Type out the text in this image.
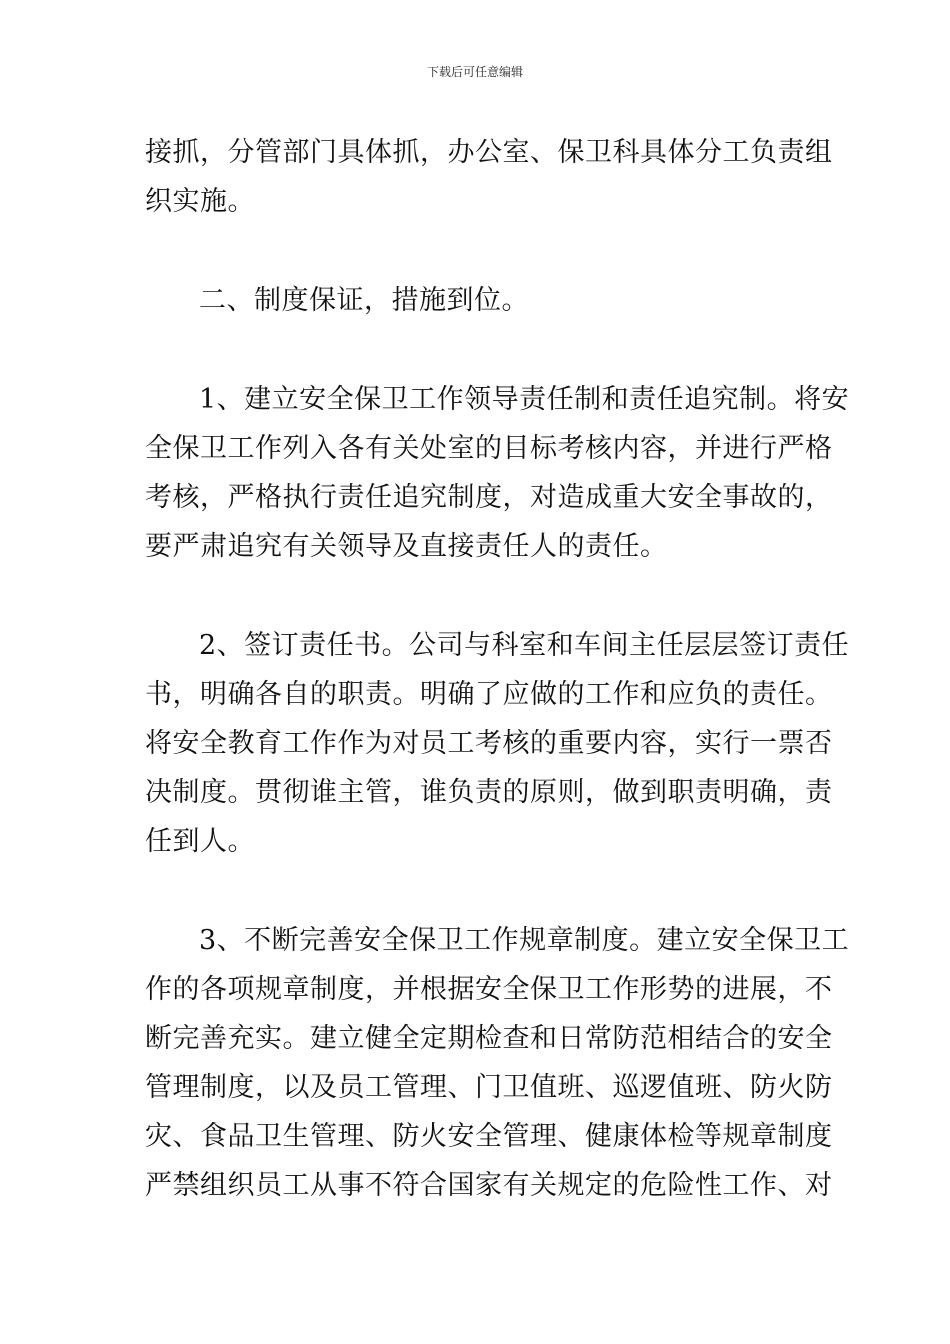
下载后可任意编辑
接抓，分管部门具体抓，办公室、保卫科具体分工负责组
织实施。
二、制度保证，措施到位。
1、建立安全保卫工作领导责任制和责任追究制。将安
全保卫工作列入各有关处室的目标考核内容，并进行严格
考核，严格执行责任追究制度，对造成重大安全事故的，
要严肃追究有关领导及直接责任人的责任。
2、签订责任书。公司与科室和车间主任层层签订责任
书，明确各自的职责。明确了应做的工作和应负的责任。
将安全教育工作作为对员工考核的重要内容，实行一票否
决制度。贯彻谁主管，谁负责的原则，做到职责明确，责
任到人。
3、不断完善安全保卫工作规章制度。建立安全保卫工
作的各项规章制度，并根据安全保卫工作形势的进展，不
断完善充实。建立健全定期检查和日常防范相结合的安全
管理制度，以及员工管理、门卫值班、巡逻值班、防火防
灾、食品卫生管理、防火安全管理、健康体检等规章制度
严禁组织员工从事不符合国家有关规定的危险性工作、对
